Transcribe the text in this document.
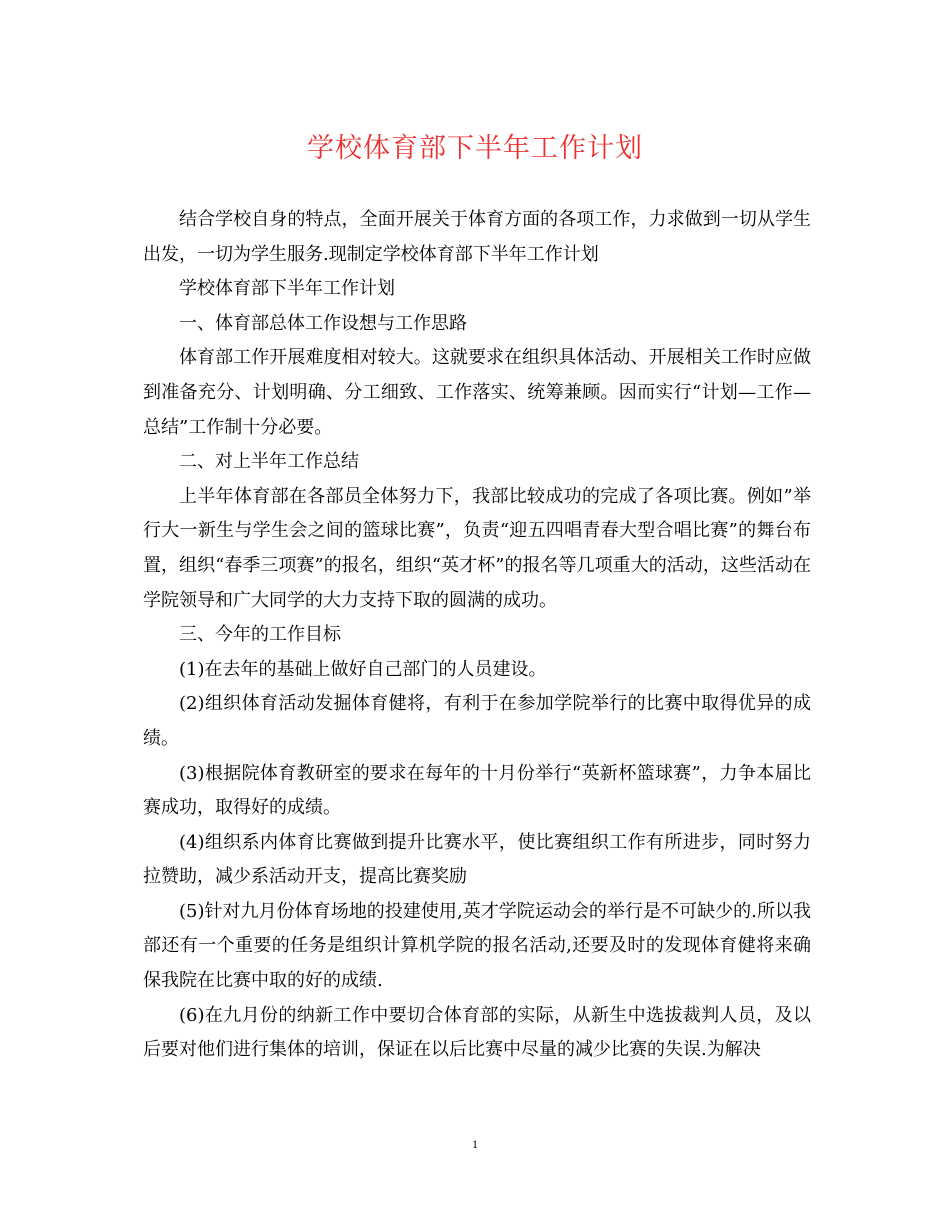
学校体育部下半年工作计划

结合学校自身的特点，全面开展关于体育方面的各项工作，力求做到一切从学生出发，一切为学生服务.现制定学校体育部下半年工作计划

学校体育部下半年工作计划

一、体育部总体工作设想与工作思路

体育部工作开展难度相对较大。这就要求在组织具体活动、开展相关工作时应做到准备充分、计划明确、分工细致、工作落实、统筹兼顾。因而实行“计划—工作—总结”工作制十分必要。

二、对上半年工作总结

上半年体育部在各部员全体努力下，我部比较成功的完成了各项比赛。例如”举行大一新生与学生会之间的篮球比赛”，负责“迎五四唱青春大型合唱比赛”的舞台布置，组织“春季三项赛”的报名，组织“英才杯”的报名等几项重大的活动，这些活动在学院领导和广大同学的大力支持下取的圆满的成功。

三、今年的工作目标

(1)在去年的基础上做好自己部门的人员建设。

(2)组织体育活动发掘体育健将，有利于在参加学院举行的比赛中取得优异的成绩。

(3)根据院体育教研室的要求在每年的十月份举行“英新杯篮球赛”，力争本届比赛成功，取得好的成绩。

(4)组织系内体育比赛做到提升比赛水平，使比赛组织工作有所进步，同时努力拉赞助，减少系活动开支，提高比赛奖励

(5)针对九月份体育场地的投建使用,英才学院运动会的举行是不可缺少的.所以我部还有一个重要的任务是组织计算机学院的报名活动,还要及时的发现体育健将来确保我院在比赛中取的好的成绩.

(6)在九月份的纳新工作中要切合体育部的实际，从新生中选拔裁判人员，及以后要对他们进行集体的培训，保证在以后比赛中尽量的减少比赛的失误.为解决

1
